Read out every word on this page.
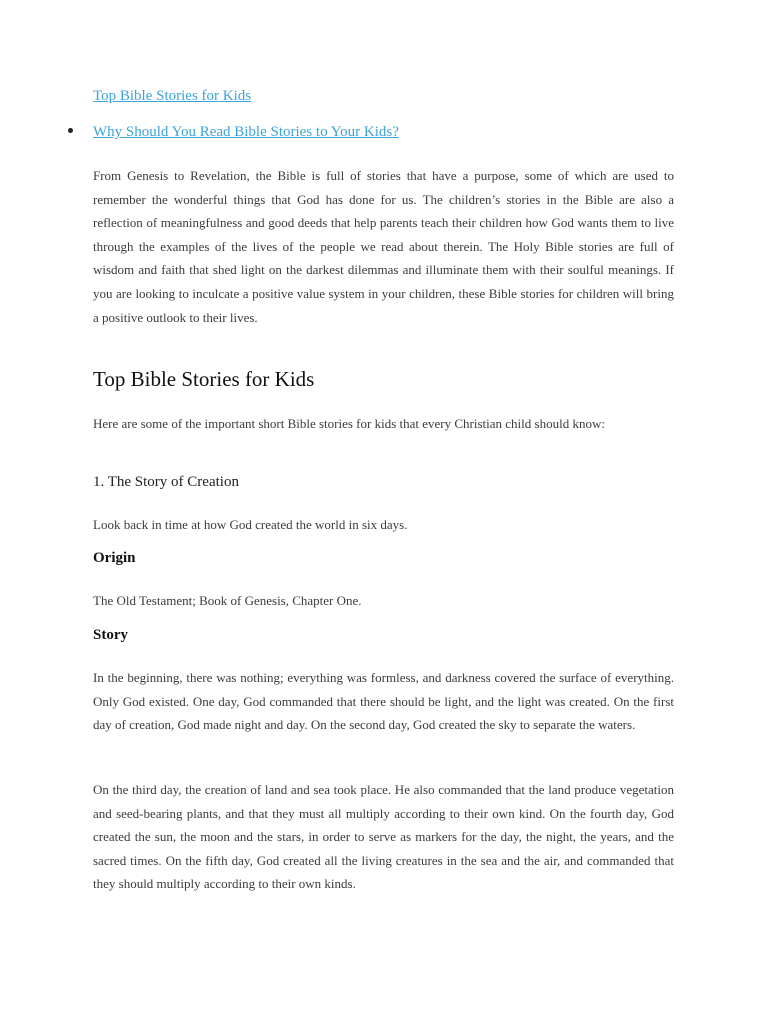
Top Bible Stories for Kids
Why Should You Read Bible Stories to Your Kids?

From Genesis to Revelation, the Bible is full of stories that have a purpose, some of which are used to remember the wonderful things that God has done for us. The children’s stories in the Bible are also a reflection of meaningfulness and good deeds that help parents teach their children how God wants them to live through the examples of the lives of the people we read about therein. The Holy Bible stories are full of wisdom and faith that shed light on the darkest dilemmas and illuminate them with their soulful meanings. If you are looking to inculcate a positive value system in your children, these Bible stories for children will bring a positive outlook to their lives.

Top Bible Stories for Kids

Here are some of the important short Bible stories for kids that every Christian child should know:

1. The Story of Creation

Look back in time at how God created the world in six days.

Origin

The Old Testament; Book of Genesis, Chapter One.

Story

In the beginning, there was nothing; everything was formless, and darkness covered the surface of everything. Only God existed. One day, God commanded that there should be light, and the light was created. On the first day of creation, God made night and day. On the second day, God created the sky to separate the waters.

On the third day, the creation of land and sea took place. He also commanded that the land produce vegetation and seed-bearing plants, and that they must all multiply according to their own kind. On the fourth day, God created the sun, the moon and the stars, in order to serve as markers for the day, the night, the years, and the sacred times. On the fifth day, God created all the living creatures in the sea and the air, and commanded that they should multiply according to their own kinds.
